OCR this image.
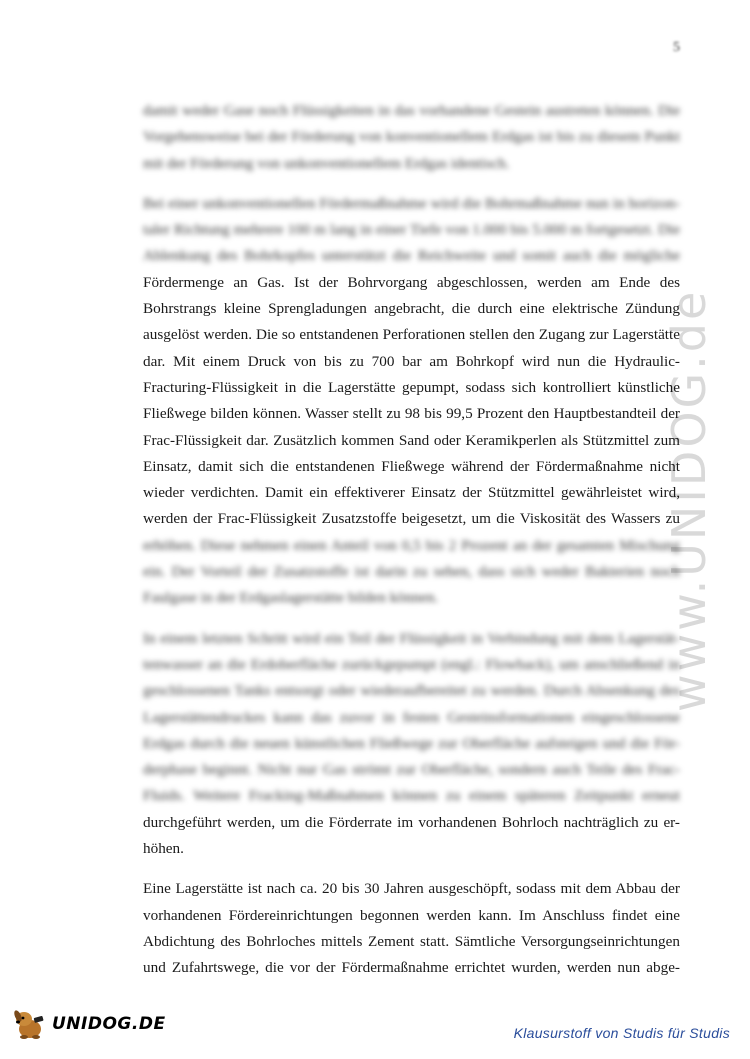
5
www.UNIDOG.de

damit weder Gase noch Flüssigkeiten in das vorhandene Gestein austreten können. Die
Vorgehensweise bei der Förderung von konventionellem Erdgas ist bis zu diesem Punkt
mit der Förderung von unkonventionellem Erdgas identisch.

Bei einer unkonventionellen Fördermaßnahme wird die Bohrmaßnahme nun in horizon-
taler Richtung mehrere 100 m lang in einer Tiefe von 1.000 bis 5.000 m fortgesetzt. Die
Ablenkung des Bohrkopfes unterstützt die Reichweite und somit auch die mögliche
Fördermenge an Gas. Ist der Bohrvorgang abgeschlossen, werden am Ende des
Bohrstrangs kleine Sprengladungen angebracht, die durch eine elektrische Zündung
ausgelöst werden. Die so entstandenen Perforationen stellen den Zugang zur Lagerstätte
dar. Mit einem Druck von bis zu 700 bar am Bohrkopf wird nun die Hydraulic-
Fracturing-Flüssigkeit in die Lagerstätte gepumpt, sodass sich kontrolliert künstliche
Fließwege bilden können. Wasser stellt zu 98 bis 99,5 Prozent den Hauptbestandteil der
Frac-Flüssigkeit dar. Zusätzlich kommen Sand oder Keramikperlen als Stützmittel zum
Einsatz, damit sich die entstandenen Fließwege während der Fördermaßnahme nicht
wieder verdichten. Damit ein effektiverer Einsatz der Stützmittel gewährleistet wird,
werden der Frac-Flüssigkeit Zusatzstoffe beigesetzt, um die Viskosität des Wassers zu
erhöhen. Diese nehmen einen Anteil von 0,5 bis 2 Prozent an der gesamten Mischung
ein. Der Vorteil der Zusatzstoffe ist darin zu sehen, dass sich weder Bakterien noch
Faulgase in der Erdgaslagerstätte bilden können.

In einem letzten Schritt wird ein Teil der Flüssigkeit in Verbindung mit dem Lagerstät-
tenwasser an die Erdoberfläche zurückgepumpt (engl.: Flowback), um anschließend in
geschlossenen Tanks entsorgt oder wiederaufbereitet zu werden. Durch Absenkung des
Lagerstättendruckes kann das zuvor in festen Gesteinsformationen eingeschlossene
Erdgas durch die neuen künstlichen Fließwege zur Oberfläche aufsteigen und die För-
derphase beginnt. Nicht nur Gas strömt zur Oberfläche, sondern auch Teile des Frac-
Fluids. Weitere Fracking-Maßnahmen können zu einem späteren Zeitpunkt erneut
durchgeführt werden, um die Förderrate im vorhandenen Bohrloch nachträglich zu er-
höhen.

Eine Lagerstätte ist nach ca. 20 bis 30 Jahren ausgeschöpft, sodass mit dem Abbau der
vorhandenen Fördereinrichtungen begonnen werden kann. Im Anschluss findet eine
Abdichtung des Bohrloches mittels Zement statt. Sämtliche Versorgungseinrichtungen
und Zufahrtswege, die vor der Fördermaßnahme errichtet wurden, werden nun abge-

UNIDOG.DE	Klausurstoff von Studis für Studis
